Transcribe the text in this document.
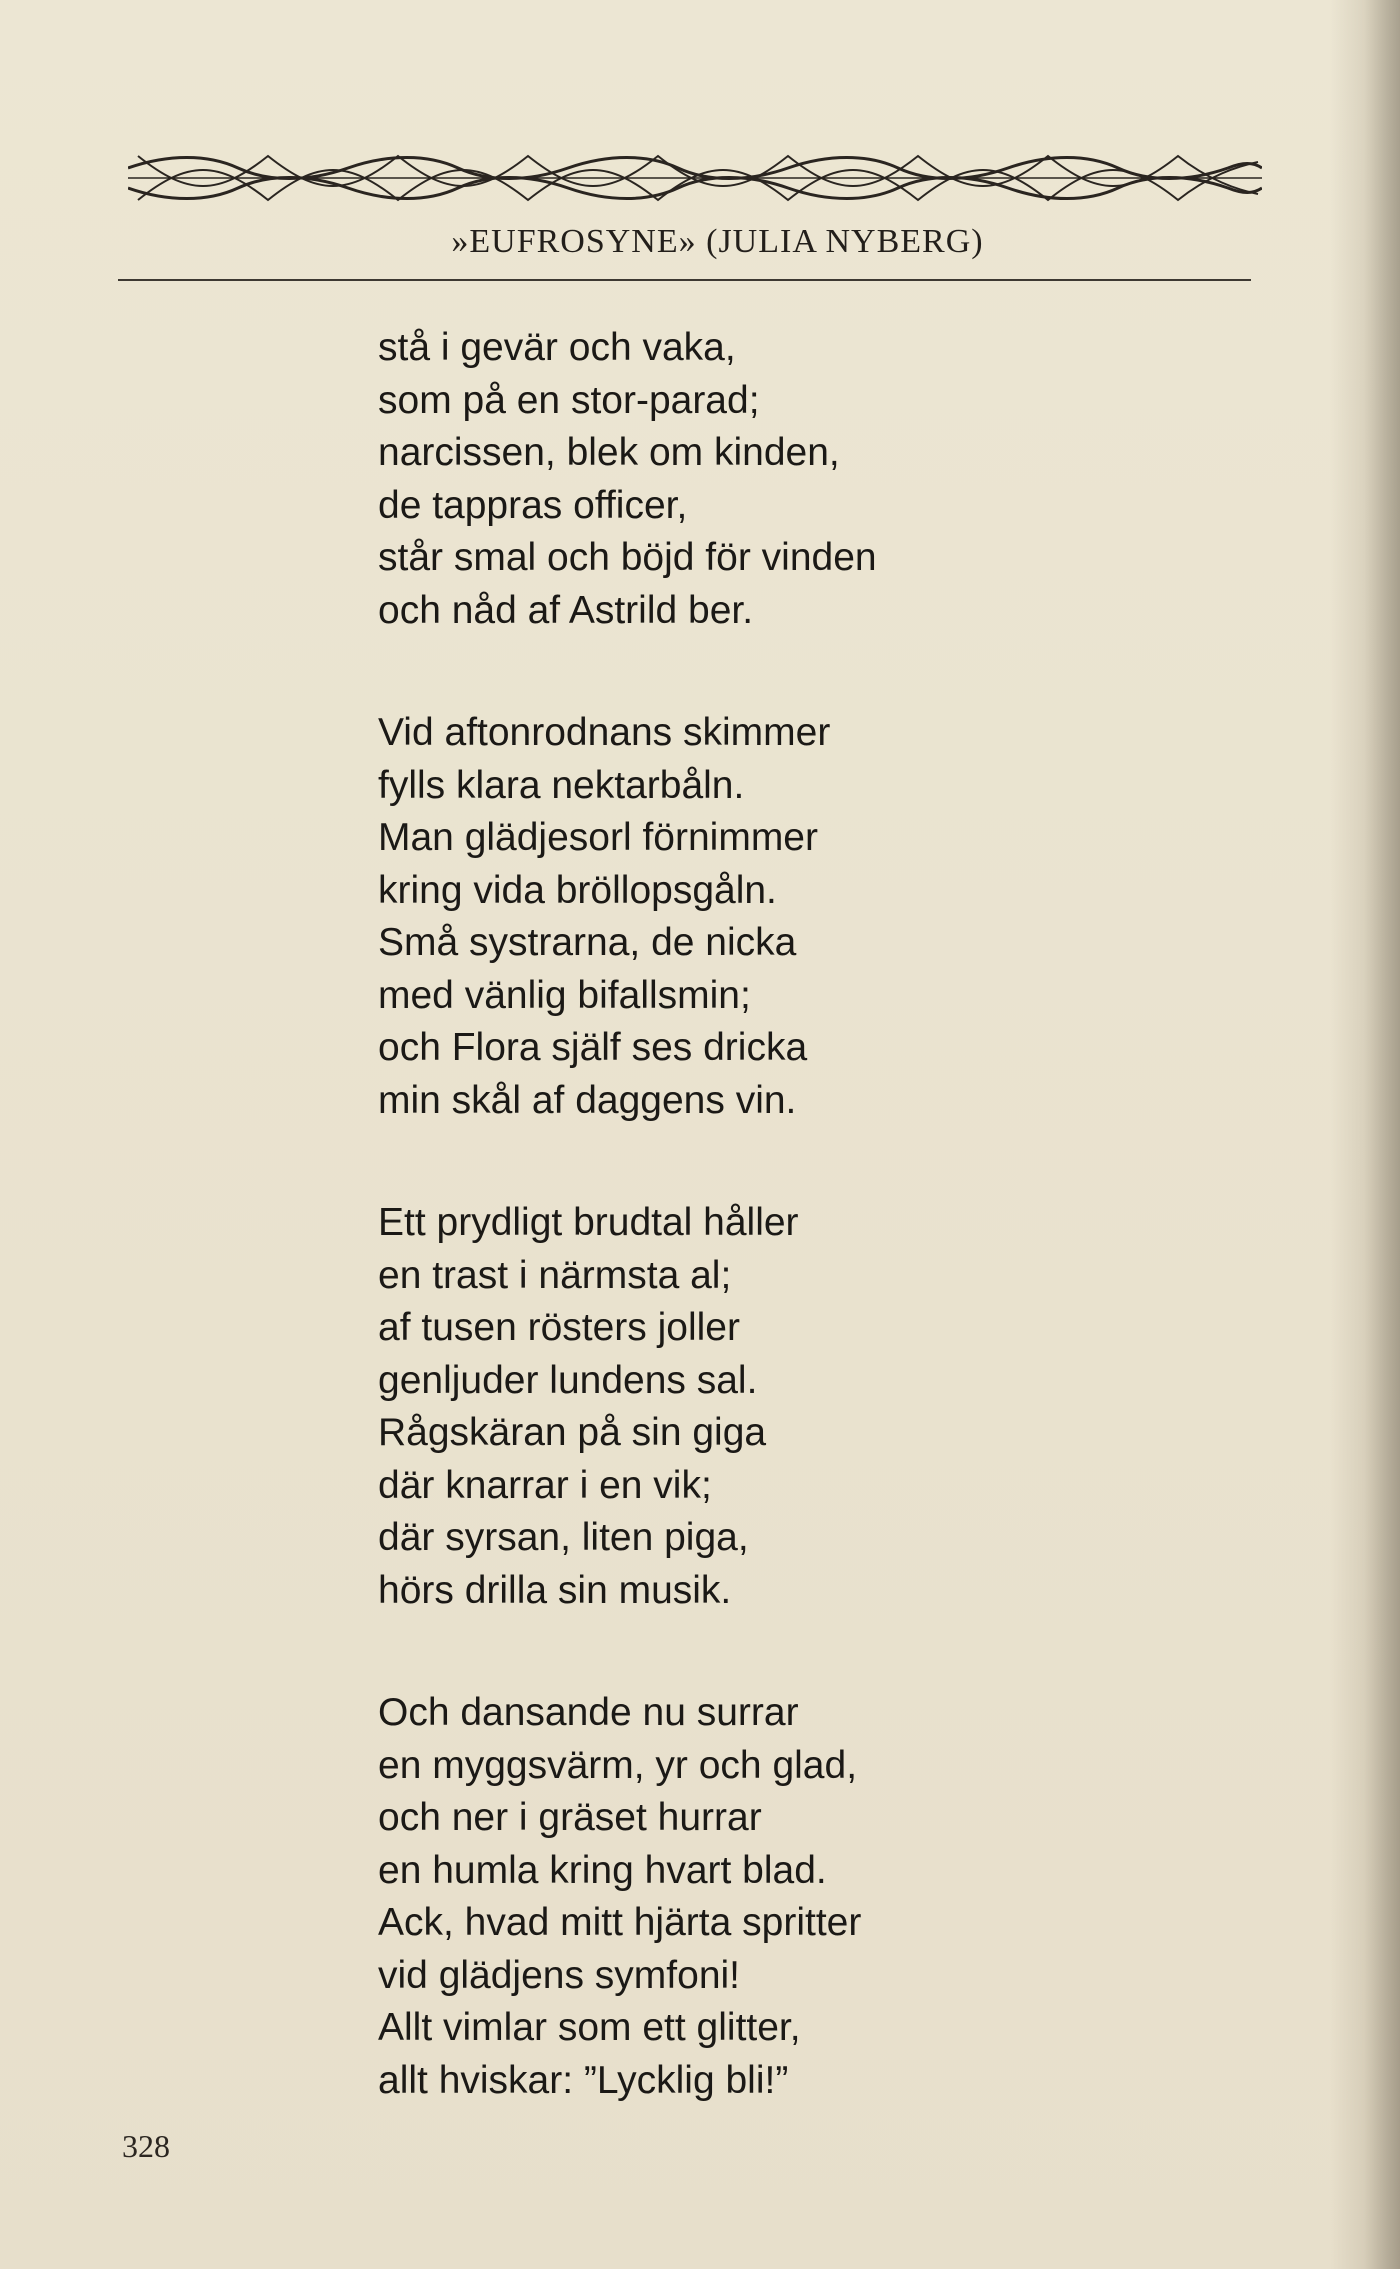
»EUFROSYNE» (JULIA NYBERG)
stå i gevär och vaka,
som på en stor-parad;
narcissen, blek om kinden,
de tappras officer,
står smal och böjd för vinden
och nåd af Astrild ber.
Vid aftonrodnans skimmer
fylls klara nektarbåln.
Man glädjesorl förnimmer
kring vida bröllopsgåln.
Små systrarna, de nicka
med vänlig bifallsmin;
och Flora själf ses dricka
min skål af daggens vin.
Ett prydligt brudtal håller
en trast i närmsta al;
af tusen rösters joller
genljuder lundens sal.
Rågskäran på sin giga
där knarrar i en vik;
där syrsan, liten piga,
hörs drilla sin musik.
Och dansande nu surrar
en myggsvärm, yr och glad,
och ner i gräset hurrar
en humla kring hvart blad.
Ack, hvad mitt hjärta spritter
vid glädjens symfoni!
Allt vimlar som ett glitter,
allt hviskar: ”Lycklig bli!”
328
